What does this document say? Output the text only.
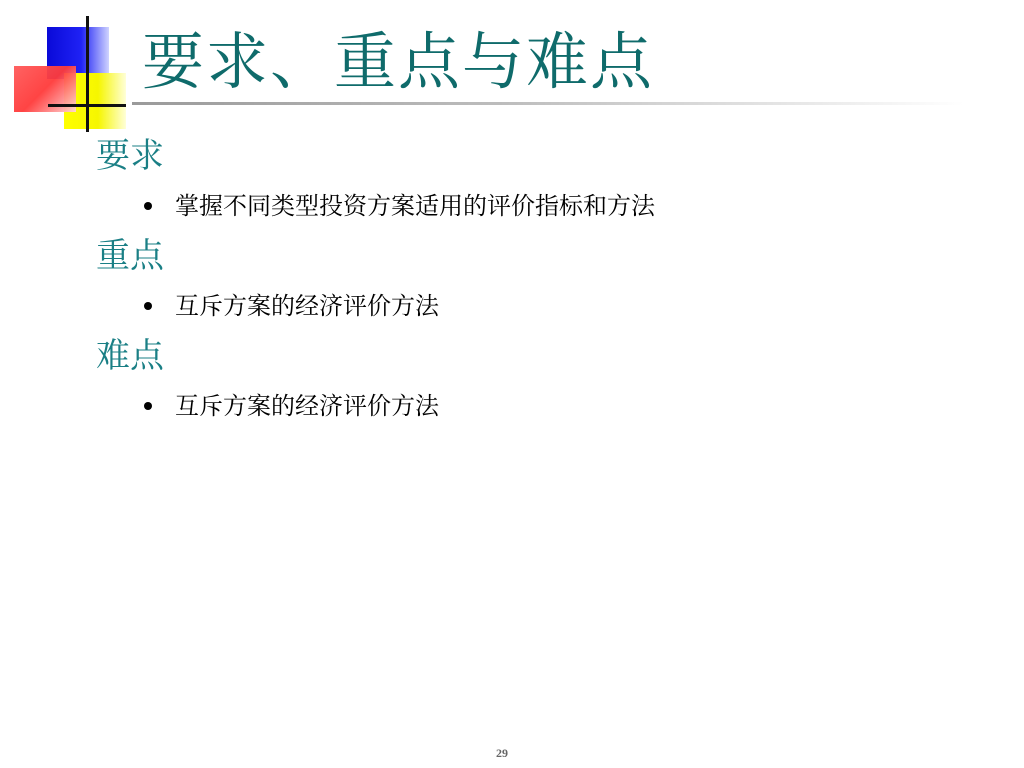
要求、重点与难点
要求
掌握不同类型投资方案适用的评价指标和方法
重点
互斥方案的经济评价方法
难点
互斥方案的经济评价方法
29
